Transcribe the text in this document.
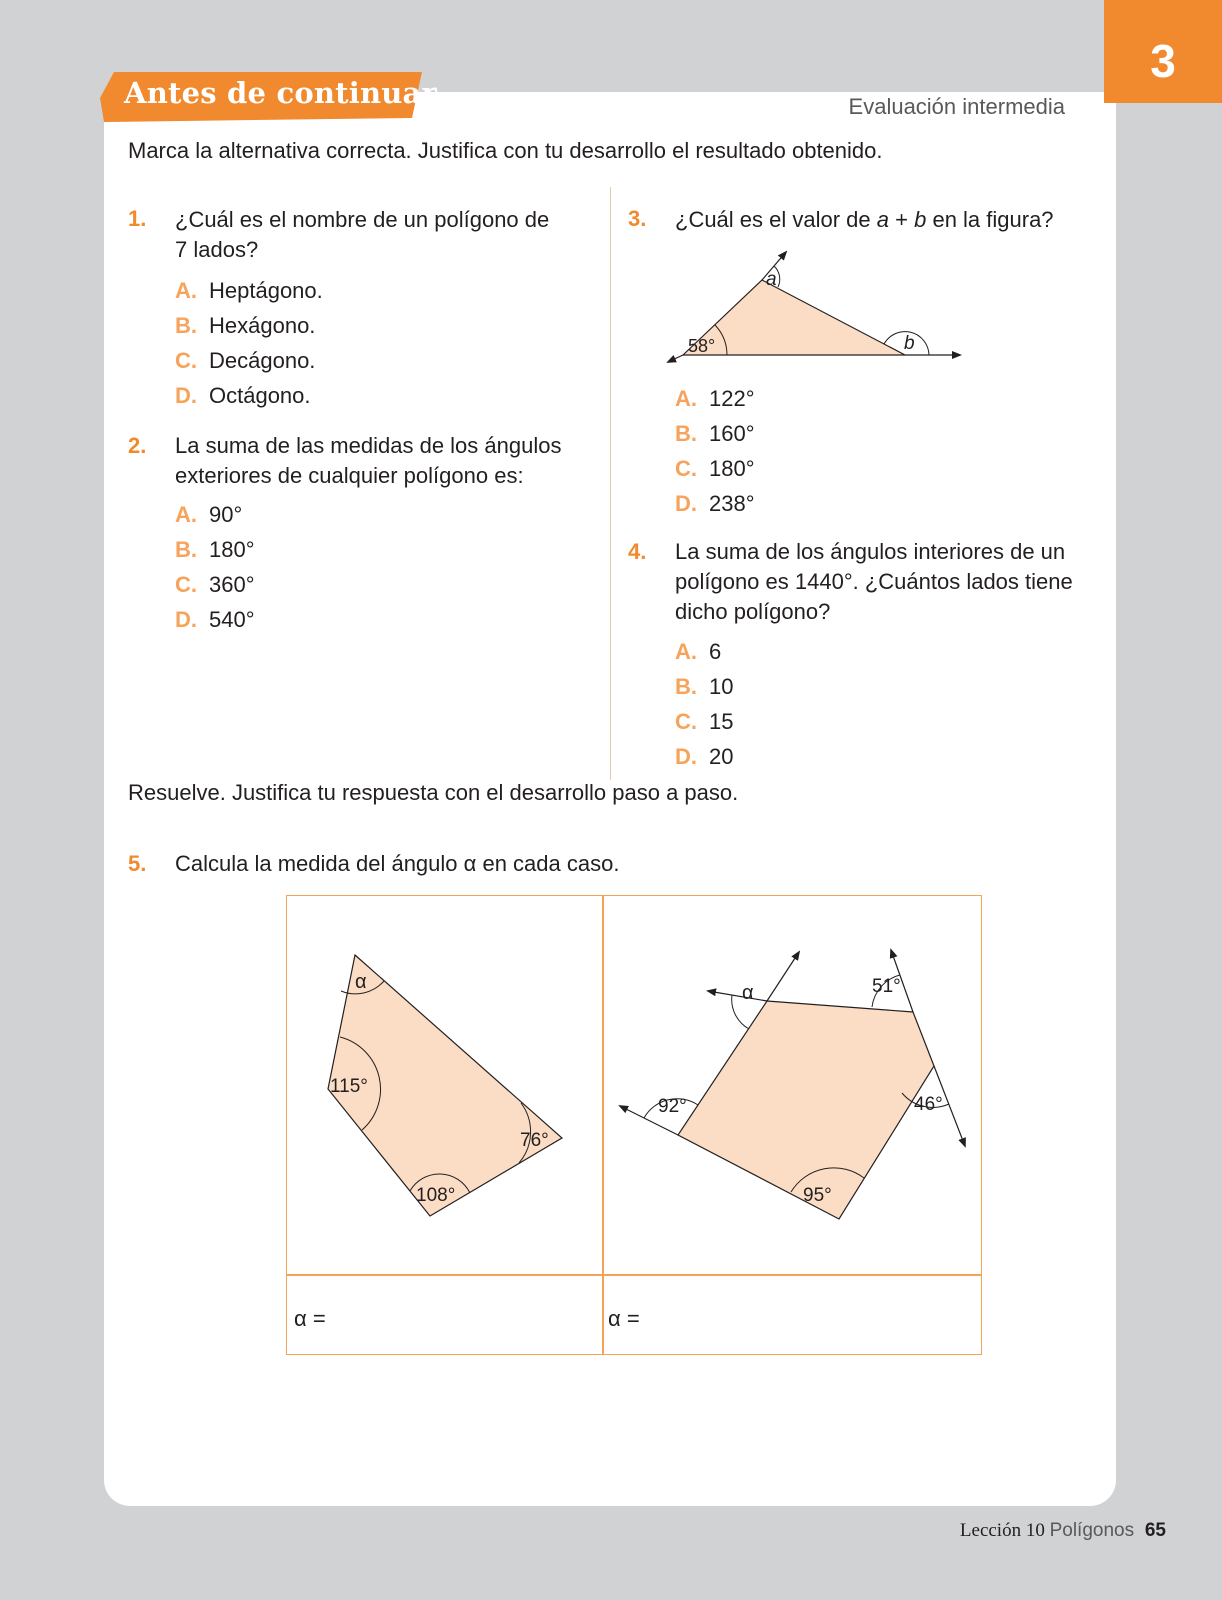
3
Antes de continuar	Evaluación intermedia
Marca la alternativa correcta. Justifica con tu desarrollo el resultado obtenido.
1. ¿Cuál es el nombre de un polígono de
7 lados?
A. Heptágono.
B. Hexágono.
C. Decágono.
D. Octágono.
2. La suma de las medidas de los ángulos
exteriores de cualquier polígono es:
A. 90°
B. 180°
C. 360°
D. 540°
3. ¿Cuál es el valor de a + b en la figura?
58°
a
b
A. 122°
B. 160°
C. 180°
D. 238°
4. La suma de los ángulos interiores de un
polígono es 1440°. ¿Cuántos lados tiene
dicho polígono?
A. 6
B. 10
C. 15
D. 20
Resuelve. Justifica tu respuesta con el desarrollo paso a paso.
5. Calcula la medida del ángulo α en cada caso.
α
115°
76°
108°
α	51°
92°	46°
95°
α =	α =
Lección 10 Polígonos 65
